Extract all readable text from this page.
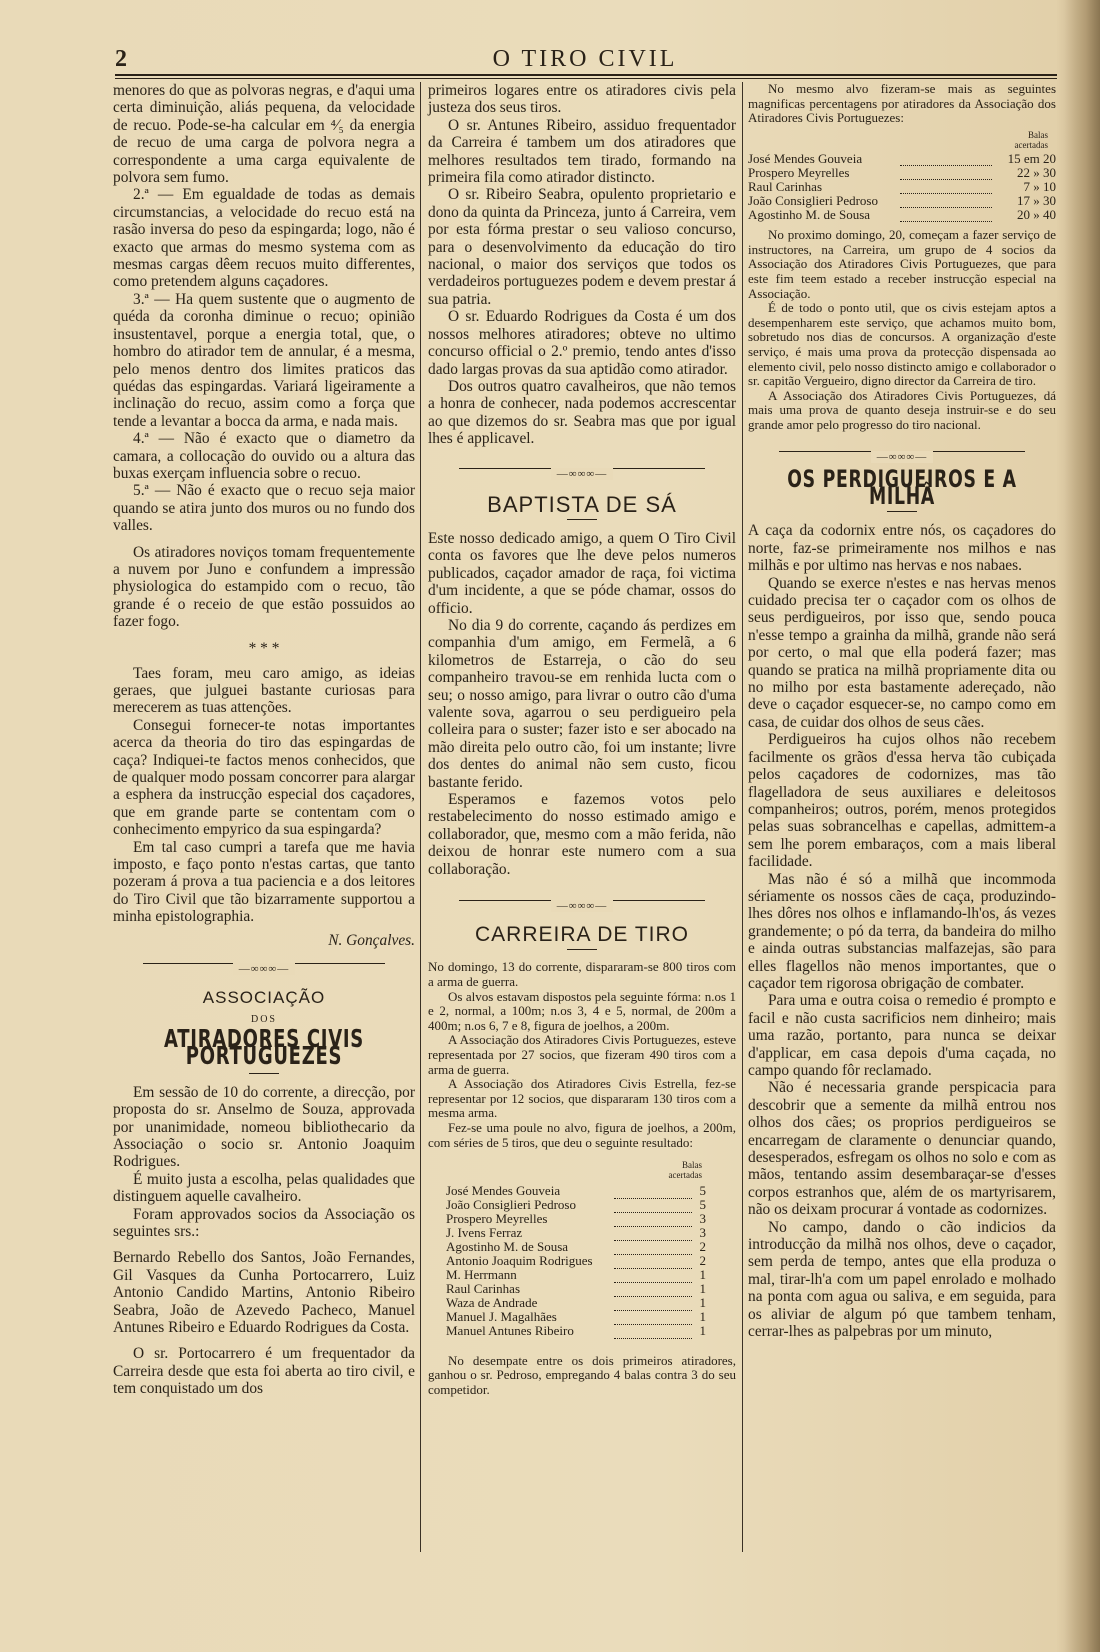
O TIRO CIVIL
2

menores do que as polvoras negras, e d'aqui uma certa diminuição, aliás pequena, da velocidade de recuo. Pode-se-ha calcular em ⁴⁄₅ da energia de recuo de uma carga de polvora negra a correspondente a uma carga equivalente de polvora sem fumo.

2.ª — Em egualdade de todas as demais circumstancias, a velocidade do recuo está na rasão inversa do peso da espingarda; logo, não é exacto que armas do mesmo systema com as mesmas cargas dêem recuos muito differentes, como pretendem alguns caçadores.

3.ª — Ha quem sustente que o augmento de quéda da coronha diminue o recuo; opinião insustentavel, porque a energia total, que, o hombro do atirador tem de annular, é a mesma, pelo menos dentro dos limites praticos das quédas das espingardas. Variará ligeiramente a inclinação do recuo, assim como a força que tende a levantar a bocca da arma, e nada mais.

4.ª — Não é exacto que o diametro da camara, a collocação do ouvido ou a altura das buxas exerçam influencia sobre o recuo.

5.ª — Não é exacto que o recuo seja maior quando se atira junto dos muros ou no fundo dos valles.

Os atiradores noviços tomam frequentemente a nuvem por Juno e confundem a impressão physiologica do estampido com o recuo, tão grande é o receio de que estão possuidos ao fazer fogo.

* * *

Taes foram, meu caro amigo, as ideias geraes, que julguei bastante curiosas para merecerem as tuas attenções.

Consegui fornecer-te notas importantes acerca da theoria do tiro das espingardas de caça? Indiquei-te factos menos conhecidos, que de qualquer modo possam concorrer para alargar a esphera da instrucção especial dos caçadores, que em grande parte se contentam com o conhecimento empyrico da sua espingarda?

Em tal caso cumpri a tarefa que me havia imposto, e faço ponto n'estas cartas, que tanto pozeram á prova a tua paciencia e a dos leitores do Tiro Civil que tão bizarramente supportou a minha epistolographia.

N. Gonçalves.
—∞∞∞—
ASSOCIAÇÃO
DOS
ATIRADORES CIVIS PORTUGUEZES

Em sessão de 10 do corrente, a direcção, por proposta do sr. Anselmo de Souza, approvada por unanimidade, nomeou bibliothecario da Associação o socio sr. Antonio Joaquim Rodrigues.

É muito justa a escolha, pelas qualidades que distinguem aquelle cavalheiro.

Foram approvados socios da Associação os seguintes srs.:

Bernardo Rebello dos Santos, João Fernandes, Gil Vasques da Cunha Portocarrero, Luiz Antonio Candido Martins, Antonio Ribeiro Seabra, João de Azevedo Pacheco, Manuel Antunes Ribeiro e Eduardo Rodrigues da Costa.

O sr. Portocarrero é um frequentador da Carreira desde que esta foi aberta ao tiro civil, e tem conquistado um dos

primeiros logares entre os atiradores civis pela justeza dos seus tiros.

O sr. Antunes Ribeiro, assiduo frequentador da Carreira é tambem um dos atiradores que melhores resultados tem tirado, formando na primeira fila como atirador distincto.

O sr. Ribeiro Seabra, opulento proprietario e dono da quinta da Princeza, junto á Carreira, vem por esta fórma prestar o seu valioso concurso, para o desenvolvimento da educação do tiro nacional, o maior dos serviços que todos os verdadeiros portuguezes podem e devem prestar á sua patria.

O sr. Eduardo Rodrigues da Costa é um dos nossos melhores atiradores; obteve no ultimo concurso official o 2.º premio, tendo antes d'isso dado largas provas da sua aptidão como atirador.

Dos outros quatro cavalheiros, que não temos a honra de conhecer, nada podemos accrescentar ao que dizemos do sr. Seabra mas que por igual lhes é applicavel.

—∞∞∞—
BAPTISTA DE SÁ

Este nosso dedicado amigo, a quem O Tiro Civil conta os favores que lhe deve pelos numeros publicados, caçador amador de raça, foi victima d'um incidente, a que se póde chamar, ossos do officio.

No dia 9 do corrente, caçando ás perdizes em companhia d'um amigo, em Fermelã, a 6 kilometros de Estarreja, o cão do seu companheiro travou-se em renhida lucta com o seu; o nosso amigo, para livrar o outro cão d'uma valente sova, agarrou o seu perdigueiro pela colleira para o suster; fazer isto e ser abocado na mão direita pelo outro cão, foi um instante; livre dos dentes do animal não sem custo, ficou bastante ferido.

Esperamos e fazemos votos pelo restabelecimento do nosso estimado amigo e collaborador, que, mesmo com a mão ferida, não deixou de honrar este numero com a sua collaboração.

—∞∞∞—
CARREIRA DE TIRO

No domingo, 13 do corrente, dispararam-se 800 tiros com a arma de guerra.

Os alvos estavam dispostos pela seguinte fórma: n.os 1 e 2, normal, a 100m; n.os 3, 4 e 5, normal, de 200m a 400m; n.os 6, 7 e 8, figura de joelhos, a 200m.

A Associação dos Atiradores Civis Portuguezes, esteve representada por 27 socios, que fizeram 490 tiros com a arma de guerra.

A Associação dos Atiradores Civis Estrella, fez-se representar por 12 socios, que dispararam 130 tiros com a mesma arma.

Fez-se uma poule no alvo, figura de joelhos, a 200m, com séries de 5 tiros, que deu o seguinte resultado:

Balas acertadas
José Mendes Gouveia		5
João Consiglieri Pedroso		5
Prospero Meyrelles		3
J. Ivens Ferraz		3
Agostinho M. de Sousa		2
Antonio Joaquim Rodrigues		2
M. Herrmann		1
Raul Carinhas		1
Waza de Andrade		1
Manuel J. Magalhães		1
Manuel Antunes Ribeiro		1

No desempate entre os dois primeiros atiradores, ganhou o sr. Pedroso, empregando 4 balas contra 3 do seu competidor.

No mesmo alvo fizeram-se mais as seguintes magnificas percentagens por atiradores da Associação dos Atiradores Civis Portuguezes:

Balas acertadas
José Mendes Gouveia		15 em 20
Prospero Meyrelles		22 » 30
Raul Carinhas		7 » 10
João Consiglieri Pedroso		17 » 30
Agostinho M. de Sousa		20 » 40

No proximo domingo, 20, começam a fazer serviço de instructores, na Carreira, um grupo de 4 socios da Associação dos Atiradores Civis Portuguezes, que para este fim teem estado a receber instrucção especial na Associação.

É de todo o ponto util, que os civis estejam aptos a desempenharem este serviço, que achamos muito bom, sobretudo nos dias de concursos. A organização d'este serviço, é mais uma prova da protecção dispensada ao elemento civil, pelo nosso distincto amigo e collaborador o sr. capitão Vergueiro, digno director da Carreira de tiro.

A Associação dos Atiradores Civis Portuguezes, dá mais uma prova de quanto deseja instruir-se e do seu grande amor pelo progresso do tiro nacional.

—∞∞∞—
OS PERDIGUEIROS E A MILHÃ

A caça da codornix entre nós, os caçadores do norte, faz-se primeiramente nos milhos e nas milhãs e por ultimo nas hervas e nos nabaes.

Quando se exerce n'estes e nas hervas menos cuidado precisa ter o caçador com os olhos de seus perdigueiros, por isso que, sendo pouca n'esse tempo a grainha da milhã, grande não será por certo, o mal que ella poderá fazer; mas quando se pratica na milhã propriamente dita ou no milho por esta bastamente adereçado, não deve o caçador esquecer-se, no campo como em casa, de cuidar dos olhos de seus cães.

Perdigueiros ha cujos olhos não recebem facilmente os grãos d'essa herva tão cubiçada pelos caçadores de codornizes, mas tão flagelladora de seus auxiliares e deleitosos companheiros; outros, porém, menos protegidos pelas suas sobrancelhas e capellas, admittem-a sem lhe porem embaraços, com a mais liberal facilidade.

Mas não é só a milhã que incommoda sériamente os nossos cães de caça, produzindo-lhes dôres nos olhos e inflamando-lh'os, ás vezes grandemente; o pó da terra, da bandeira do milho e ainda outras substancias malfazejas, são para elles flagellos não menos importantes, que o caçador tem rigorosa obrigação de combater.

Para uma e outra coisa o remedio é prompto e facil e não custa sacrificios nem dinheiro; mais uma razão, portanto, para nunca se deixar d'applicar, em casa depois d'uma caçada, no campo quando fôr reclamado.

Não é necessaria grande perspicacia para descobrir que a semente da milhã entrou nos olhos dos cães; os proprios perdigueiros se encarregam de claramente o denunciar quando, desesperados, esfregam os olhos no solo e com as mãos, tentando assim desembaraçar-se d'esses corpos estranhos que, além de os martyrisarem, não os deixam procurar á vontade as codornizes.

No campo, dando o cão indicios da introducção da milhã nos olhos, deve o caçador, sem perda de tempo, antes que ella produza o mal, tirar-lh'a com um papel enrolado e molhado na ponta com agua ou saliva, e em seguida, para os aliviar de algum pó que tambem tenham, cerrar-lhes as palpebras por um minuto,
